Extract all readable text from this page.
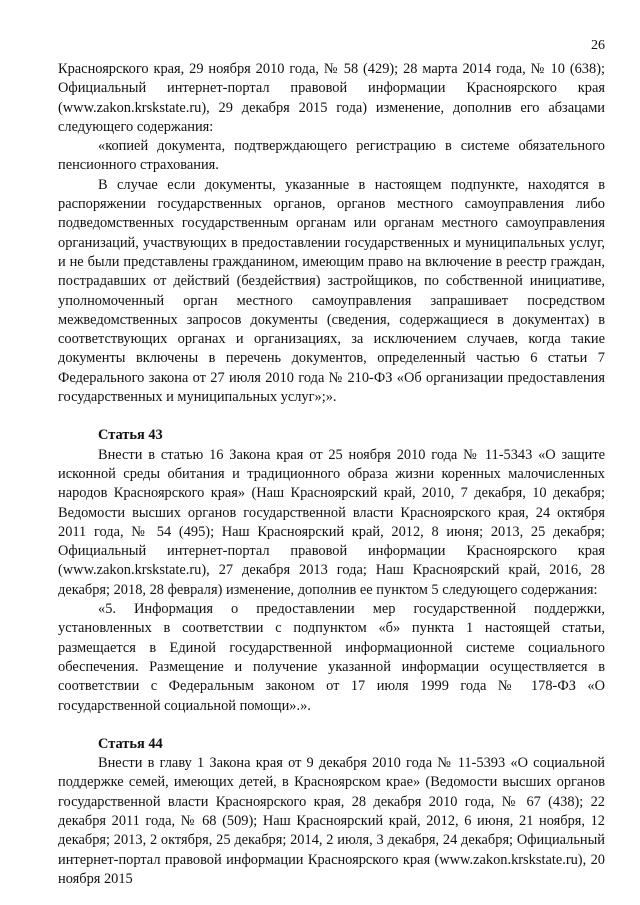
26

Красноярского края, 29 ноября 2010 года, № 58 (429); 28 марта 2014 года, № 10 (638); Официальный интернет-портал правовой информации Красноярского края (www.zakon.krskstate.ru), 29 декабря 2015 года) изменение, дополнив его абзацами следующего содержания:

«копией документа, подтверждающего регистрацию в системе обязательного пенсионного страхования.

В случае если документы, указанные в настоящем подпункте, находятся в распоряжении государственных органов, органов местного самоуправления либо подведомственных государственным органам или органам местного самоуправления организаций, участвующих в предоставлении государственных и муниципальных услуг, и не были представлены гражданином, имеющим право на включение в реестр граждан, пострадавших от действий (бездействия) застройщиков, по собственной инициативе, уполномоченный орган местного самоуправления запрашивает посредством межведомственных запросов документы (сведения, содержащиеся в документах) в соответствующих органах и организациях, за исключением случаев, когда такие документы включены в перечень документов, определенный частью 6 статьи 7 Федерального закона от 27 июля 2010 года № 210-ФЗ «Об организации предоставления государственных и муниципальных услуг»;».

Статья 43

Внести в статью 16 Закона края от 25 ноября 2010 года № 11-5343 «О защите исконной среды обитания и традиционного образа жизни коренных малочисленных народов Красноярского края» (Наш Красноярский край, 2010, 7 декабря, 10 декабря; Ведомости высших органов государственной власти Красноярского края, 24 октября 2011 года, № 54 (495); Наш Красноярский край, 2012, 8 июня; 2013, 25 декабря; Официальный интернет-портал правовой информации Красноярского края (www.zakon.krskstate.ru), 27 декабря 2013 года; Наш Красноярский край, 2016, 28 декабря; 2018, 28 февраля) изменение, дополнив ее пунктом 5 следующего содержания:

«5. Информация о предоставлении мер государственной поддержки, установленных в соответствии с подпунктом «б» пункта 1 настоящей статьи, размещается в Единой государственной информационной системе социального обеспечения. Размещение и получение указанной информации осуществляется в соответствии с Федеральным законом от 17 июля 1999 года № 178-ФЗ «О государственной социальной помощи».».

Статья 44

Внести в главу 1 Закона края от 9 декабря 2010 года № 11-5393 «О социальной поддержке семей, имеющих детей, в Красноярском крае» (Ведомости высших органов государственной власти Красноярского края, 28 декабря 2010 года, № 67 (438); 22 декабря 2011 года, № 68 (509); Наш Красноярский край, 2012, 6 июня, 21 ноября, 12 декабря; 2013, 2 октября, 25 декабря; 2014, 2 июля, 3 декабря, 24 декабря; Официальный интернет-портал правовой информации Красноярского края (www.zakon.krskstate.ru), 20 ноября 2015
